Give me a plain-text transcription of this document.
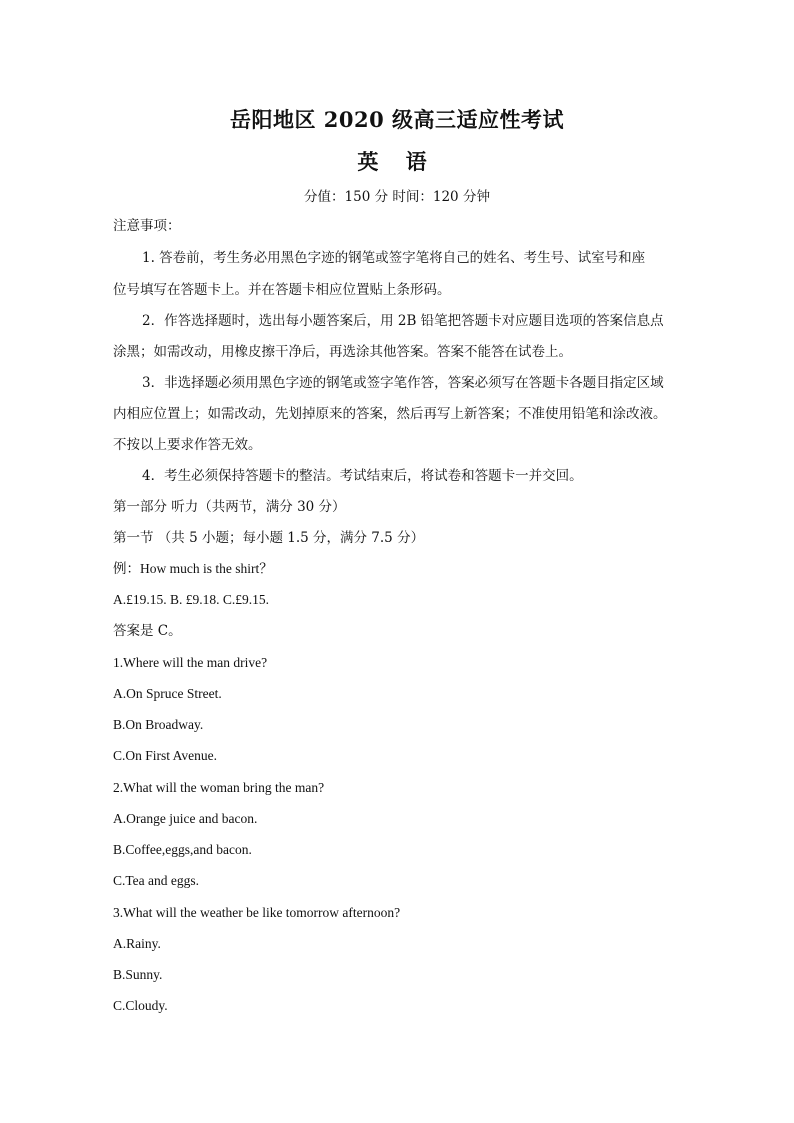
岳阳地区 2020 级高三适应性考试
英 语
分值：150 分 时间：120 分钟
注意事项：
1. 答卷前，考生务必用黑色字迹的钢笔或签字笔将自己的姓名、考生号、试室号和座
位号填写在答题卡上。并在答题卡相应位置贴上条形码。
2．作答选择题时，选出每小题答案后，用 2B 铅笔把答题卡对应题目选项的答案信息点
涂黑；如需改动，用橡皮擦干净后，再选涂其他答案。答案不能答在试卷上。
3．非选择题必须用黑色字迹的钢笔或签字笔作答，答案必须写在答题卡各题目指定区域
内相应位置上；如需改动，先划掉原来的答案，然后再写上新答案；不准使用铅笔和涂改液。
不按以上要求作答无效。
4．考生必须保持答题卡的整洁。考试结束后，将试卷和答题卡一并交回。
第一部分 听力（共两节，满分 30 分）
第一节 （共 5 小题；每小题 1.5 分，满分 7.5 分）
例：How much is the shirt？
A.£19.15. B. £9.18. C.£9.15.
答案是 C。
1.Where will the man drive?
A.On Spruce Street.
B.On Broadway.
C.On First Avenue.
2.What will the woman bring the man?
A.Orange juice and bacon.
B.Coffee,eggs,and bacon.
C.Tea and eggs.
3.What will the weather be like tomorrow afternoon?
A.Rainy.
B.Sunny.
C.Cloudy.
